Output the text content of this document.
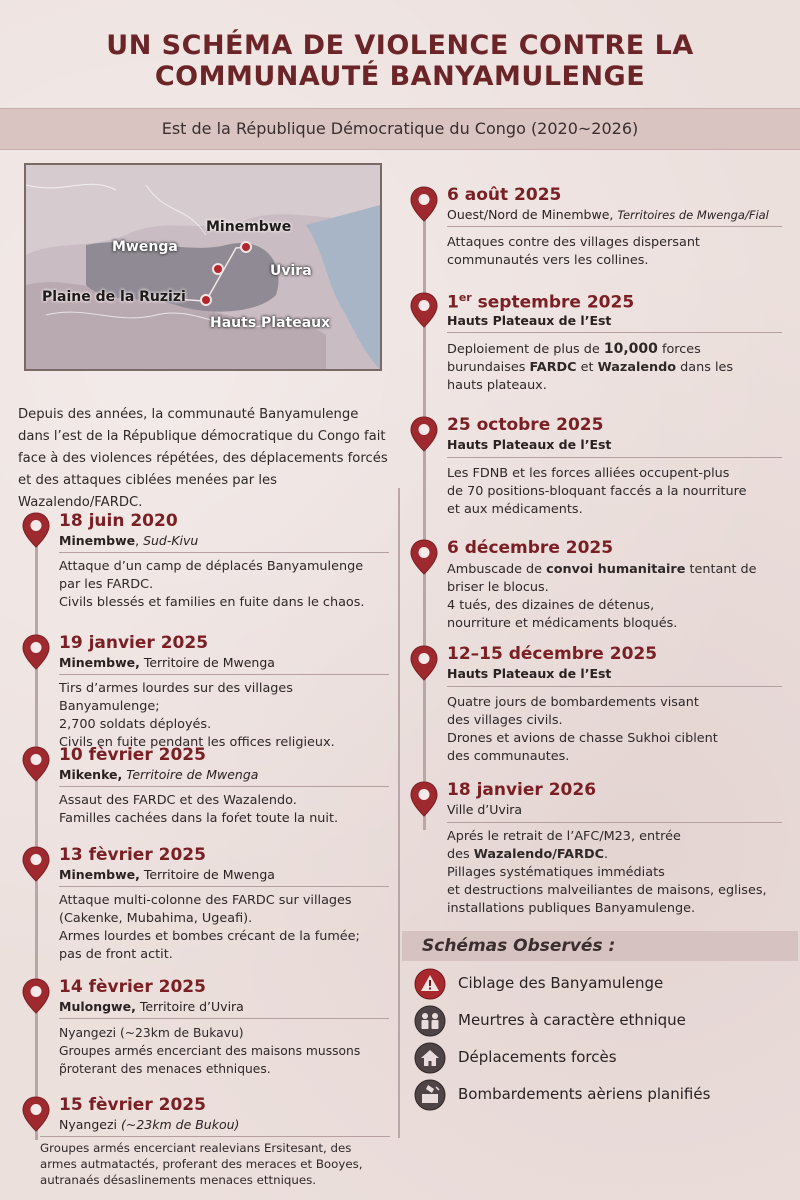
UN SCHÉMA DE VIOLENCE CONTRE LA
COMMUNAUTÉ BANYAMULENGE
Est de la République Démocratique du Congo (2020~2026)
Minembwe
Mwenga
Uvira
Plaine de la Ruzizi
Hauts Plateaux
Depuis des années, la communauté Banyamulenge dans l’est de la République démocratique du Congo fait face à des violences répétées, des déplacements forcés et des attaques ciblées menées par les Wazalendo/FARDC.
18 juin 2020
Minembwe, Sud-Kivu
Attaque d’un camp de déplacés Banyamulenge
par les FARDC.
Civils blessés et families en fuite dans le chaos.
19 janvier 2025
Minembwe, Territoire de Mwenga
Tirs d’armes lourdes sur des villages Banyamulenge;
2,700 soldats déployés.
Civils en fuite pendant les offices religieux.
10 fèvrier 2025
Mikenke, Territoire de Mwenga
Assaut des FARDC et des Wazalendo.
Familles cachées dans la foŕet toute la nuit.
13 fèvrier 2025
Minembwe, Territoire de Mwenga
Attaque multi-colonne des FARDC sur villages
(Cakenke, Mubahima, Ugeafi).
Armes lourdes et bombes crécant de la fumée;
pas de front actit.
14 fèvrier 2025
Mulongwe, Territoire d’Uvira
Nyangezi (~23km de Bukavu)
Groupes armés encerciant des maisons mussons
p̃roterant des menaces ethniques.
15 fèvrier 2025
Nyangezi (~23km de Bukou)
Groupes armés encerciant realevians Ersitesant, des
armes autmatactés, proferant des meraces et Booyes,
autranaés désaslinements menaces ettniques.
6 août 2025
Ouest/Nord de Minembwe, Territoires de Mwenga/Fial
Attaques contre des villages dispersant
communautés vers les collines.
1er septembre 2025
Hauts Plateaux de l’Est
Deploiement de plus de 10,000 forces
burundaises FARDC et Wazalendo dans les
hauts plateaux.
25 octobre 2025
Hauts Plateaux de l’Est
Les FDNB et les forces alliées occupent-plus
de 70 positions-bloquant faccés a la nourriture
et aux médicaments.
6 décembre 2025
Ambuscade de convoi humanitaire tentant de
briser le blocus.
4 tués, des dizaines de détenus,
nourriture et médicaments bloqués.
12–15 décembre 2025
Hauts Plateaux de l’Est
Quatre jours de bombardements visant
des villages civils.
Drones et avions de chasse Sukhoi ciblent
des communautes.
18 janvier 2026
Ville d’Uvira
Aprés le retrait de l’AFC/M23, entrée
des Wazalendo/FARDC.
Pillages systématiques immédiats
et destructions malveiliantes de maisons, eglises,
installations publiques Banyamulenge.
Schémas Observés :
Ciblage des Banyamulenge
Meurtres à caractère ethnique
Déplacements forcès
Bombardements aèriens planifiés
